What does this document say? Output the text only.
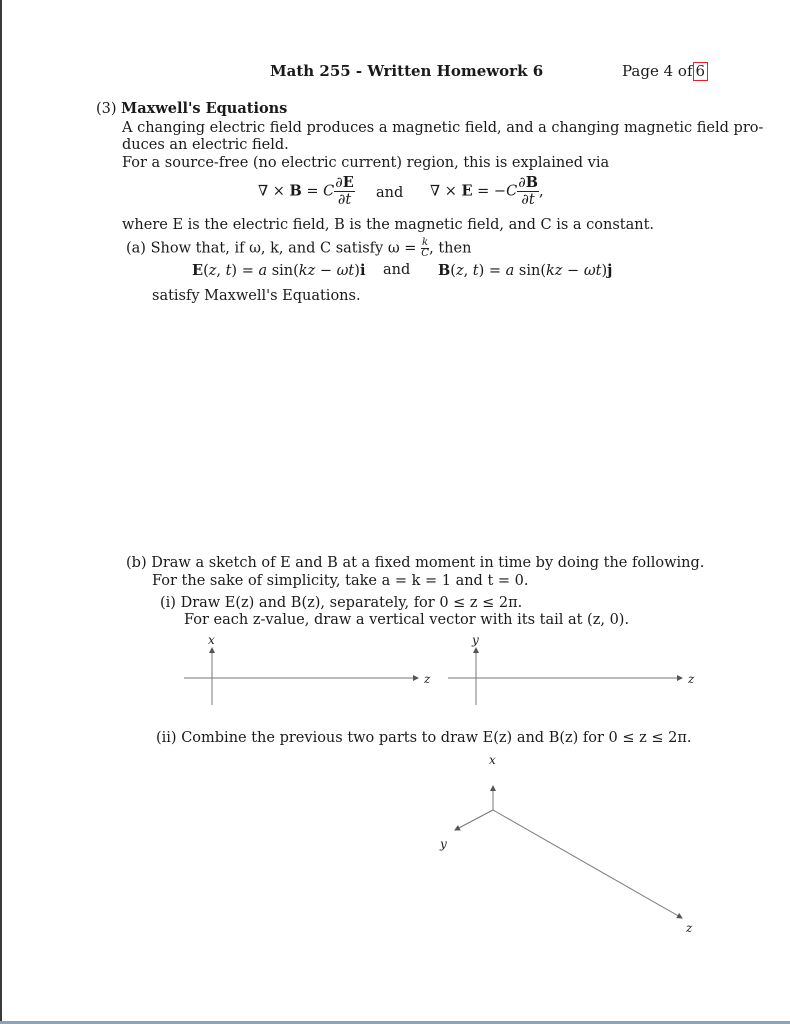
Math 255 - Written Homework 6	Page 4 of 6
(3) Maxwell's Equations
A changing electric field produces a magnetic field, and a changing magnetic field pro-
duces an electric field.
For a source-free (no electric current) region, this is explained via
∇ × B = C $\frac{\partial E}{\partial t}$ and ∇ × $E = -C \frac{\partial B}{\partial t}$ ,
where E is the electric field, B is the magnetic field, and C is a constant.
(a) Show that, if ω, k, and C satisfy $\omega = \frac{k}{C}$ , then
E(z, t) = a sin(kz − ωt)i and B(z, t) = a sin(kz − ωt)j
satisfy Maxwell's Equations.
(b) Draw a sketch of E and B at a fixed moment in time by doing the following.
For the sake of simplicity, take a = k = 1 and t = 0.
(i) Draw E(z) and B(z), separately, for 0 ≤ z ≤ 2π.
For each z-value, draw a vertical vector with its tail at (z, 0).
x
z
y
z
x
y
z
(ii) Combine the previous two parts to draw E(z) and B(z) for 0 ≤ z ≤ 2π.
